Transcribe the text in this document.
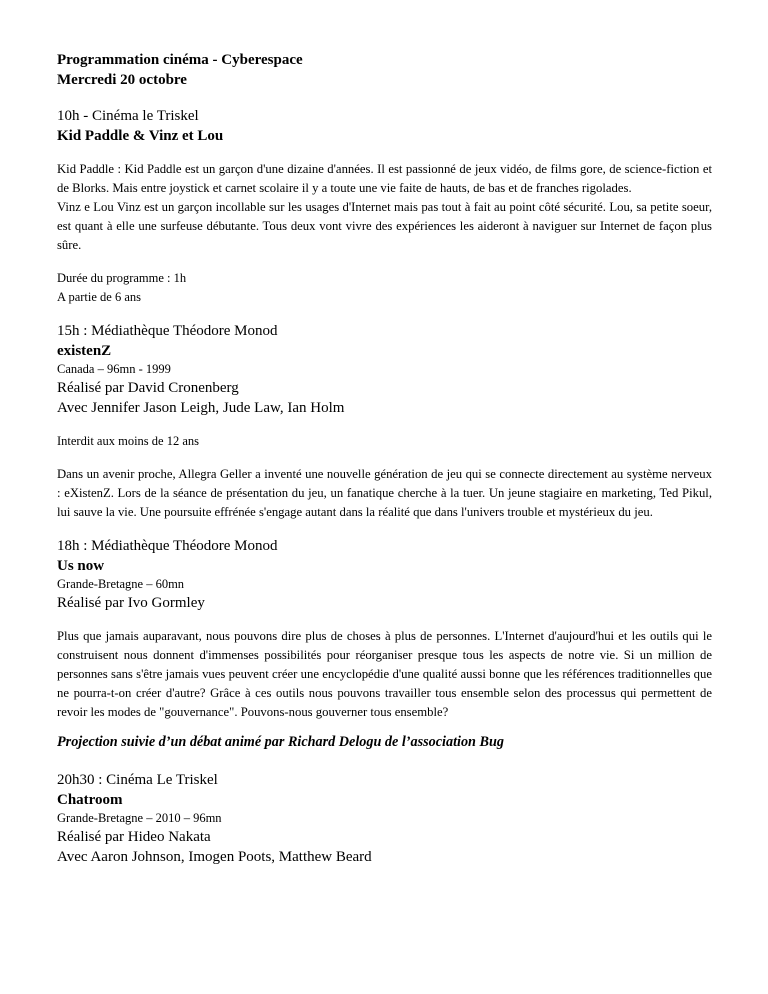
Programmation cinéma - Cyberespace

Mercredi 20 octobre

10h - Cinéma le Triskel

Kid Paddle & Vinz et Lou

Kid Paddle : Kid Paddle est un garçon d'une dizaine d'années. Il est passionné de jeux vidéo, de films gore, de science-fiction et de Blorks. Mais entre joystick et carnet scolaire il y a toute une vie faite de hauts, de bas et de franches rigolades.

Vinz e Lou Vinz est un garçon incollable sur les usages d'Internet mais pas tout à fait au point côté sécurité. Lou, sa petite soeur, est quant à elle une surfeuse débutante. Tous deux vont vivre des expériences les aideront à naviguer sur Internet de façon plus sûre.

Durée du programme : 1h

A partie de 6 ans

15h : Médiathèque Théodore Monod

existenZ

Canada – 96mn - 1999

Réalisé par David Cronenberg

Avec Jennifer Jason Leigh, Jude Law, Ian Holm

Interdit aux moins de 12 ans

Dans un avenir proche, Allegra Geller a inventé une nouvelle génération de jeu qui se connecte directement au système nerveux : eXistenZ. Lors de la séance de présentation du jeu, un fanatique cherche à la tuer. Un jeune stagiaire en marketing, Ted Pikul, lui sauve la vie. Une poursuite effrénée s'engage autant dans la réalité que dans l'univers trouble et mystérieux du jeu.

18h : Médiathèque Théodore Monod

Us now

Grande-Bretagne – 60mn

Réalisé par Ivo Gormley

Plus que jamais auparavant, nous pouvons dire plus de choses à plus de personnes. L'Internet d'aujourd'hui et les outils qui le construisent nous donnent d'immenses possibilités pour réorganiser presque tous les aspects de notre vie. Si un million de personnes sans s'être jamais vues peuvent créer une encyclopédie d'une qualité aussi bonne que les références traditionnelles que ne pourra-t-on créer d'autre? Grâce à ces outils nous pouvons travailler tous ensemble selon des processus qui permettent de revoir les modes de "gouvernance". Pouvons-nous gouverner tous ensemble?

Projection suivie d’un débat animé par Richard Delogu de l’association Bug

20h30 : Cinéma Le Triskel

Chatroom

Grande-Bretagne – 2010 – 96mn

Réalisé par Hideo Nakata

Avec Aaron Johnson, Imogen Poots, Matthew Beard
